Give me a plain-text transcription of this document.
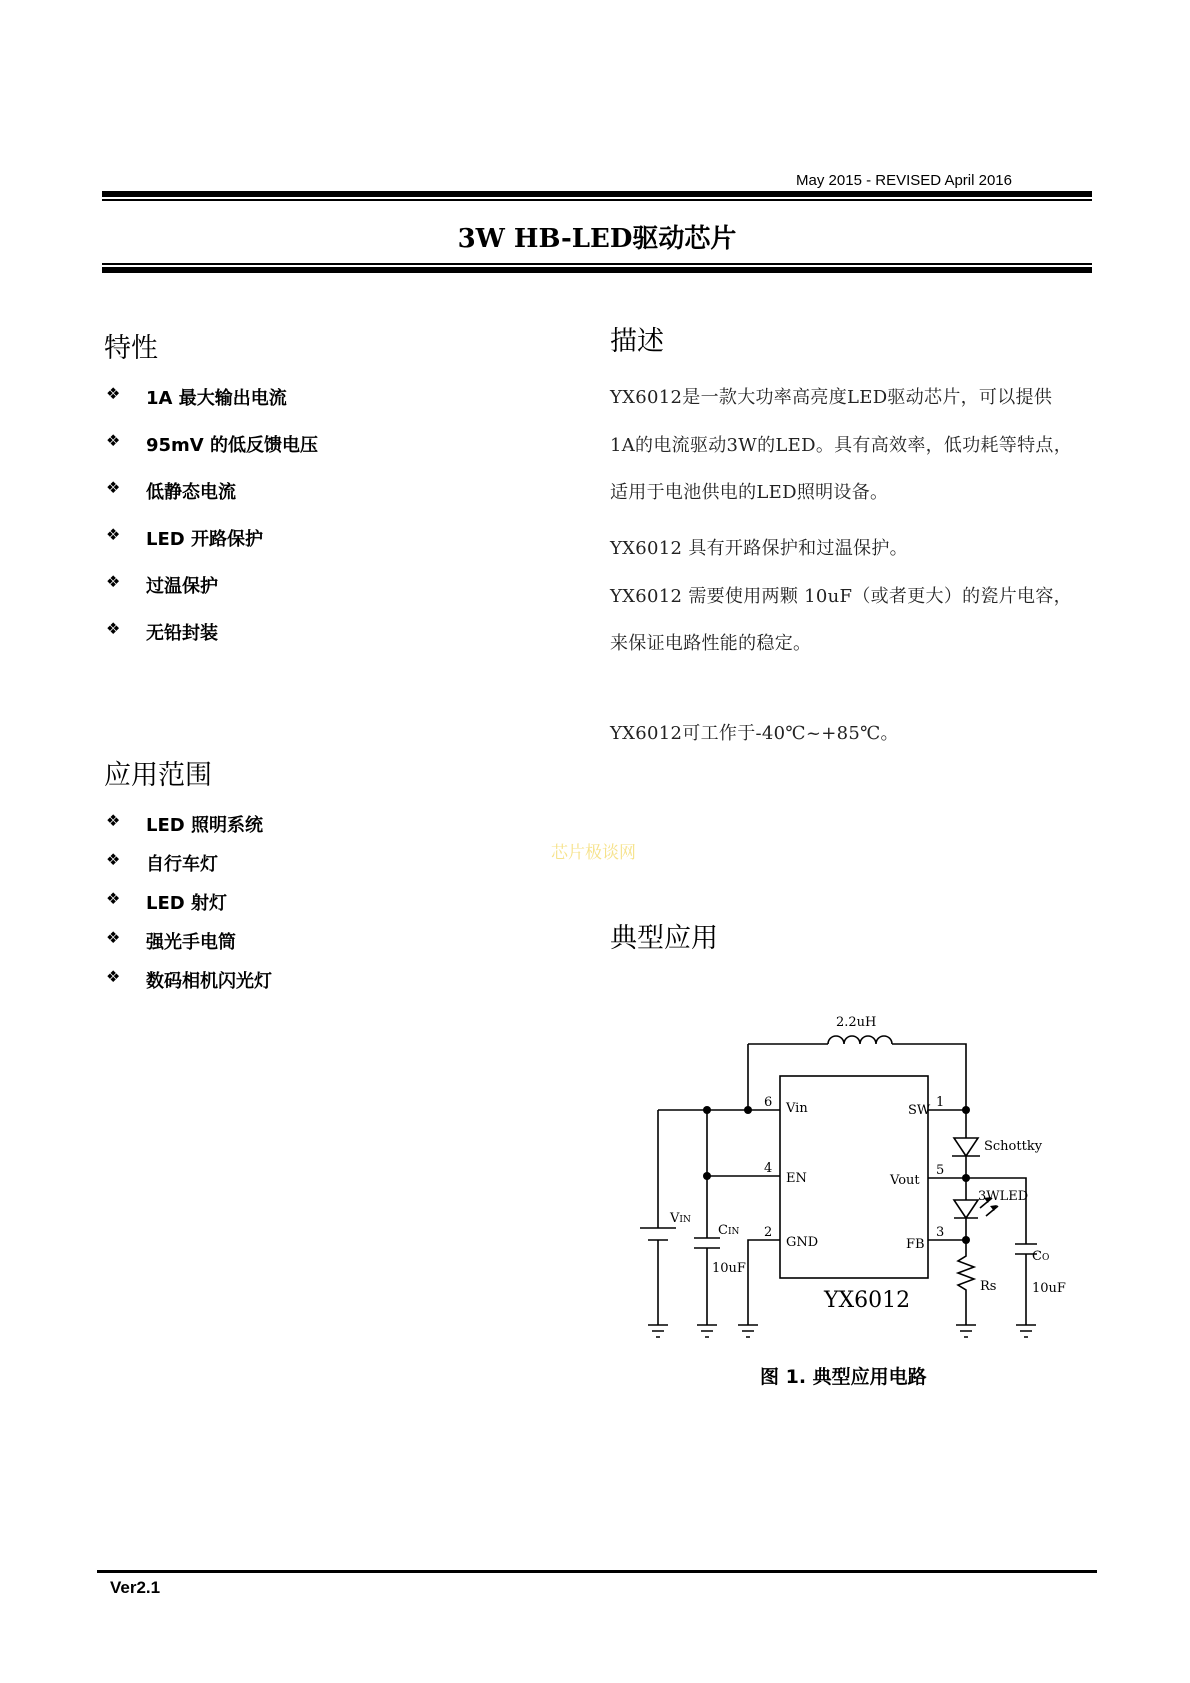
May 2015 - REVISED April 2016
3W HB-LED驱动芯片
特性
❖ 1A 最大输出电流
❖ 95mV 的低反馈电压
❖ 低静态电流
❖ LED 开路保护
❖ 过温保护
❖ 无铅封装
应用范围
❖ LED 照明系统
❖ 自行车灯
❖ LED 射灯
❖ 强光手电筒
❖ 数码相机闪光灯
描述

YX6012是一款大功率高亮度LED驱动芯片，可以提供

1A的电流驱动3W的LED。具有高效率，低功耗等特点，

适用于电池供电的LED照明设备。

YX6012 具有开路保护和过温保护。

YX6012 需要使用两颗 10uF（或者更大）的瓷片电容，

来保证电路性能的稳定。

YX6012可工作于-40℃~+85℃。

芯片极谈网
典型应用
2.2uH
6 Vin
4
EN
2
GND
1
SW
5
Vout
3
FB
Schottky
3WLED
VIN
CIN
10uF
CO
10uF
Rs
YX6012
图 1. 典型应用电路
Ver2.1
